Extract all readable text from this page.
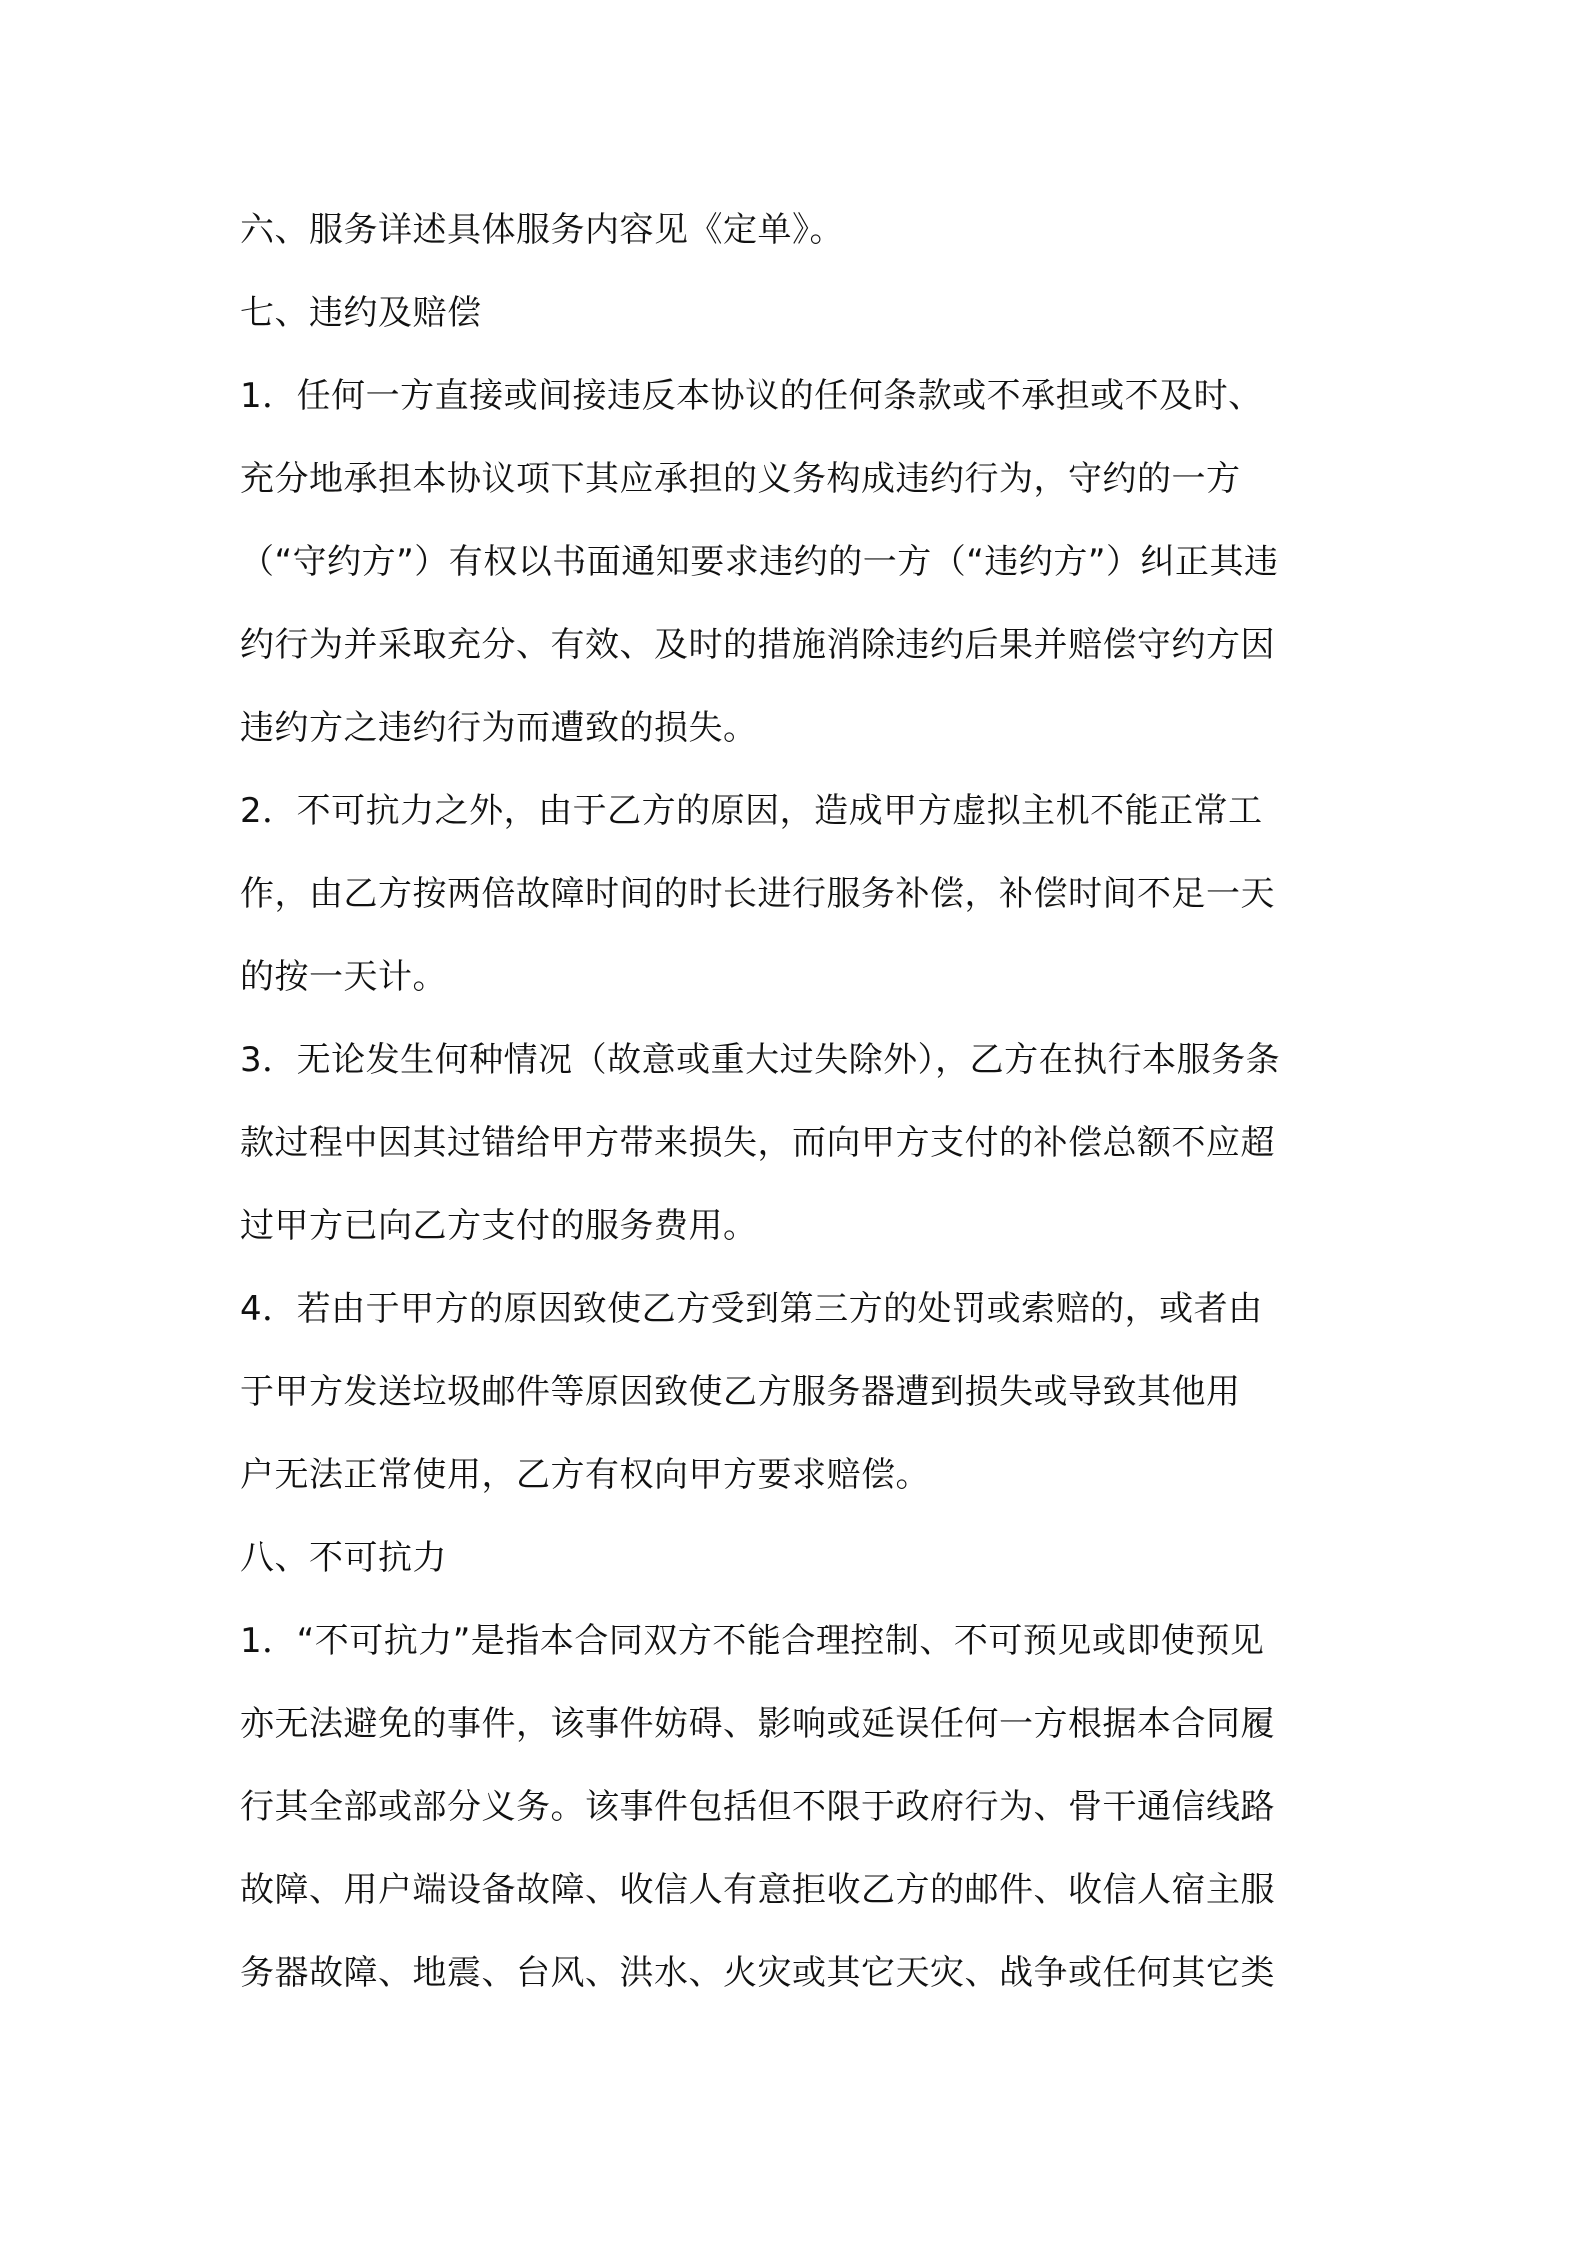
六、服务详述具体服务内容见《定单》。
七、违约及赔偿
1．任何一方直接或间接违反本协议的任何条款或不承担或不及时、
充分地承担本协议项下其应承担的义务构成违约行为，守约的一方
（“守约方”）有权以书面通知要求违约的一方（“违约方”）纠正其违
约行为并采取充分、有效、及时的措施消除违约后果并赔偿守约方因
违约方之违约行为而遭致的损失。
2．不可抗力之外，由于乙方的原因，造成甲方虚拟主机不能正常工
作，由乙方按两倍故障时间的时长进行服务补偿，补偿时间不足一天
的按一天计。
3．无论发生何种情况（故意或重大过失除外），乙方在执行本服务条
款过程中因其过错给甲方带来损失，而向甲方支付的补偿总额不应超
过甲方已向乙方支付的服务费用。
4．若由于甲方的原因致使乙方受到第三方的处罚或索赔的，或者由
于甲方发送垃圾邮件等原因致使乙方服务器遭到损失或导致其他用
户无法正常使用，乙方有权向甲方要求赔偿。
八、不可抗力
1．“不可抗力”是指本合同双方不能合理控制、不可预见或即使预见
亦无法避免的事件，该事件妨碍、影响或延误任何一方根据本合同履
行其全部或部分义务。该事件包括但不限于政府行为、骨干通信线路
故障、用户端设备故障、收信人有意拒收乙方的邮件、收信人宿主服
务器故障、地震、台风、洪水、火灾或其它天灾、战争或任何其它类
